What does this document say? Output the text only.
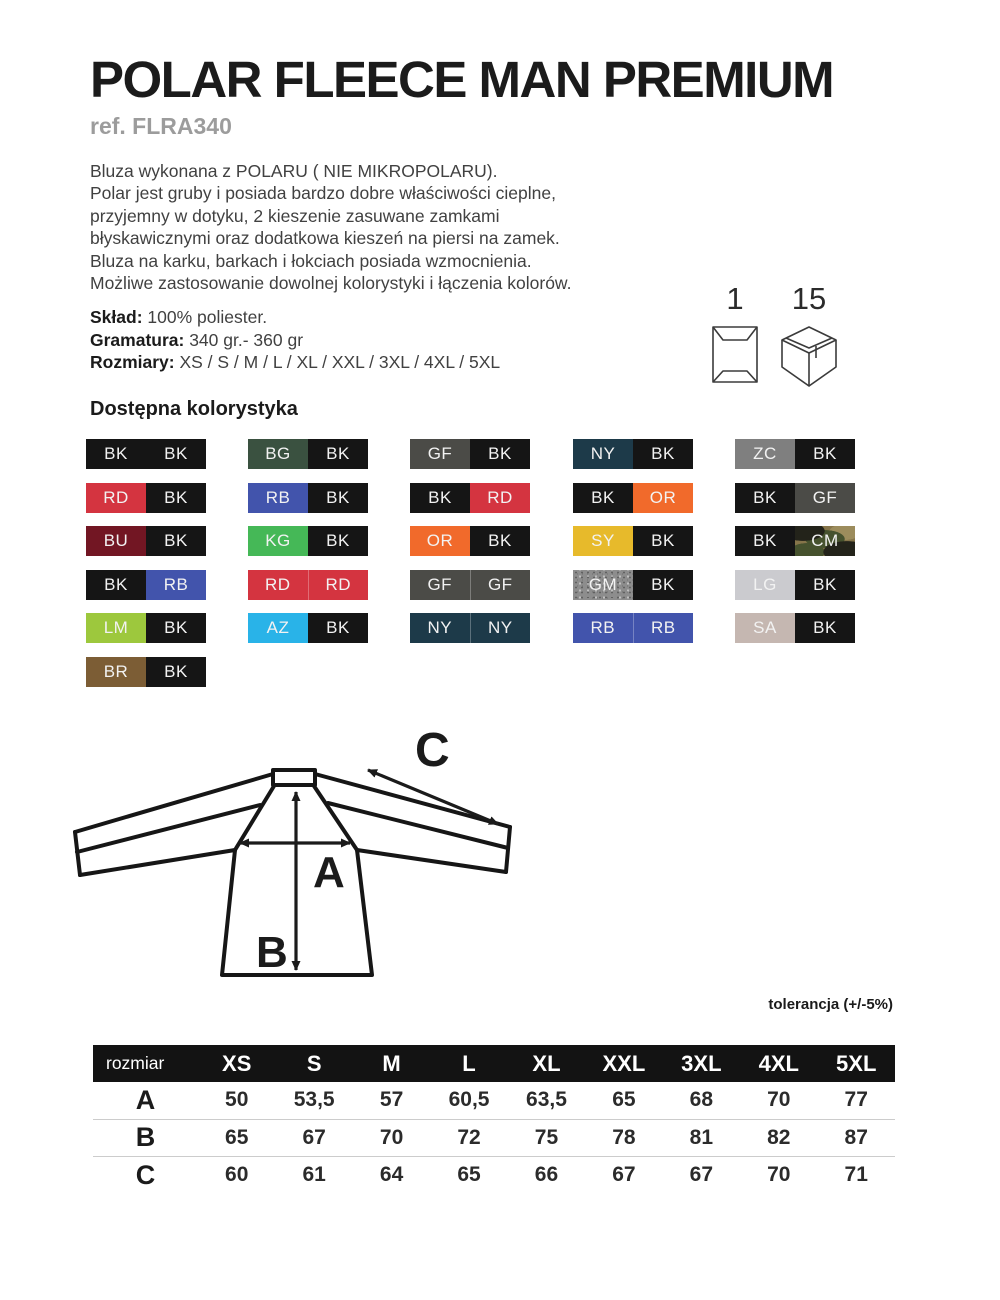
POLAR FLEECE MAN PREMIUM
ref. FLRA340
Bluza wykonana z POLARU ( NIE MIKROPOLARU).
Polar jest gruby i posiada bardzo dobre właściwości cieplne,
przyjemny w dotyku, 2 kieszenie zasuwane zamkami
błyskawicznymi oraz dodatkowa kieszeń na piersi na zamek.
Bluza na karku, barkach i łokciach posiada wzmocnienia.
Możliwe zastosowanie dowolnej kolorystyki i łączenia kolorów.
Skład: 100% poliester.
Gramatura: 340 gr.- 360 gr
Rozmiary: XS / S / M / L / XL / XXL / 3XL / 4XL / 5XL
1 15
Dostępna kolorystyka
BK	BK
RD	BK
BU	BK
BK	RB
LM	BK
BR	BK
BG	BK
RB	BK
KG	BK
RD	RD
AZ	BK
GF	BK
BK	RD
OR	BK
GF	GF
NY	NY
NY	BK
BK	OR
SY	BK
GM	BK
RB	RB
ZC	BK
BK	GF
BK	CM
LG	BK
SA	BK
A
B
C
tolerancja (+/-5%)
rozmiar	XS	S	M	L	XL	XXL	3XL	4XL	5XL
A	50	53,5	57	60,5	63,5	65	68	70	77
B	65	67	70	72	75	78	81	82	87
C	60	61	64	65	66	67	67	70	71
